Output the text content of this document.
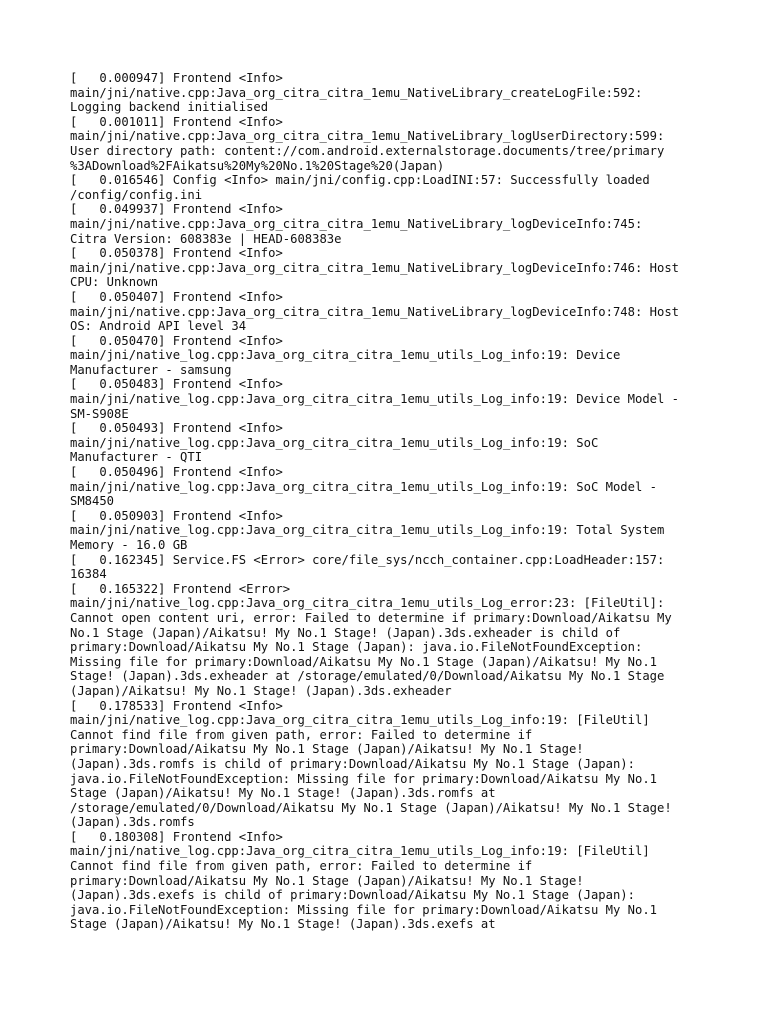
[   0.000947] Frontend <Info>
main/jni/native.cpp:Java_org_citra_citra_1emu_NativeLibrary_createLogFile:592:
Logging backend initialised
[   0.001011] Frontend <Info>
main/jni/native.cpp:Java_org_citra_citra_1emu_NativeLibrary_logUserDirectory:599:
User directory path: content://com.android.externalstorage.documents/tree/primary
%3ADownload%2FAikatsu%20My%20No.1%20Stage%20(Japan)
[   0.016546] Config <Info> main/jni/config.cpp:LoadINI:57: Successfully loaded
/config/config.ini
[   0.049937] Frontend <Info>
main/jni/native.cpp:Java_org_citra_citra_1emu_NativeLibrary_logDeviceInfo:745:
Citra Version: 608383e | HEAD-608383e
[   0.050378] Frontend <Info>
main/jni/native.cpp:Java_org_citra_citra_1emu_NativeLibrary_logDeviceInfo:746: Host
CPU: Unknown
[   0.050407] Frontend <Info>
main/jni/native.cpp:Java_org_citra_citra_1emu_NativeLibrary_logDeviceInfo:748: Host
OS: Android API level 34
[   0.050470] Frontend <Info>
main/jni/native_log.cpp:Java_org_citra_citra_1emu_utils_Log_info:19: Device
Manufacturer - samsung
[   0.050483] Frontend <Info>
main/jni/native_log.cpp:Java_org_citra_citra_1emu_utils_Log_info:19: Device Model -
SM-S908E
[   0.050493] Frontend <Info>
main/jni/native_log.cpp:Java_org_citra_citra_1emu_utils_Log_info:19: SoC
Manufacturer - QTI
[   0.050496] Frontend <Info>
main/jni/native_log.cpp:Java_org_citra_citra_1emu_utils_Log_info:19: SoC Model -
SM8450
[   0.050903] Frontend <Info>
main/jni/native_log.cpp:Java_org_citra_citra_1emu_utils_Log_info:19: Total System
Memory - 16.0 GB
[   0.162345] Service.FS <Error> core/file_sys/ncch_container.cpp:LoadHeader:157:
16384
[   0.165322] Frontend <Error>
main/jni/native_log.cpp:Java_org_citra_citra_1emu_utils_Log_error:23: [FileUtil]:
Cannot open content uri, error: Failed to determine if primary:Download/Aikatsu My
No.1 Stage (Japan)/Aikatsu! My No.1 Stage! (Japan).3ds.exheader is child of
primary:Download/Aikatsu My No.1 Stage (Japan): java.io.FileNotFoundException:
Missing file for primary:Download/Aikatsu My No.1 Stage (Japan)/Aikatsu! My No.1
Stage! (Japan).3ds.exheader at /storage/emulated/0/Download/Aikatsu My No.1 Stage
(Japan)/Aikatsu! My No.1 Stage! (Japan).3ds.exheader
[   0.178533] Frontend <Info>
main/jni/native_log.cpp:Java_org_citra_citra_1emu_utils_Log_info:19: [FileUtil]
Cannot find file from given path, error: Failed to determine if
primary:Download/Aikatsu My No.1 Stage (Japan)/Aikatsu! My No.1 Stage!
(Japan).3ds.romfs is child of primary:Download/Aikatsu My No.1 Stage (Japan):
java.io.FileNotFoundException: Missing file for primary:Download/Aikatsu My No.1
Stage (Japan)/Aikatsu! My No.1 Stage! (Japan).3ds.romfs at
/storage/emulated/0/Download/Aikatsu My No.1 Stage (Japan)/Aikatsu! My No.1 Stage!
(Japan).3ds.romfs
[   0.180308] Frontend <Info>
main/jni/native_log.cpp:Java_org_citra_citra_1emu_utils_Log_info:19: [FileUtil]
Cannot find file from given path, error: Failed to determine if
primary:Download/Aikatsu My No.1 Stage (Japan)/Aikatsu! My No.1 Stage!
(Japan).3ds.exefs is child of primary:Download/Aikatsu My No.1 Stage (Japan):
java.io.FileNotFoundException: Missing file for primary:Download/Aikatsu My No.1
Stage (Japan)/Aikatsu! My No.1 Stage! (Japan).3ds.exefs at
